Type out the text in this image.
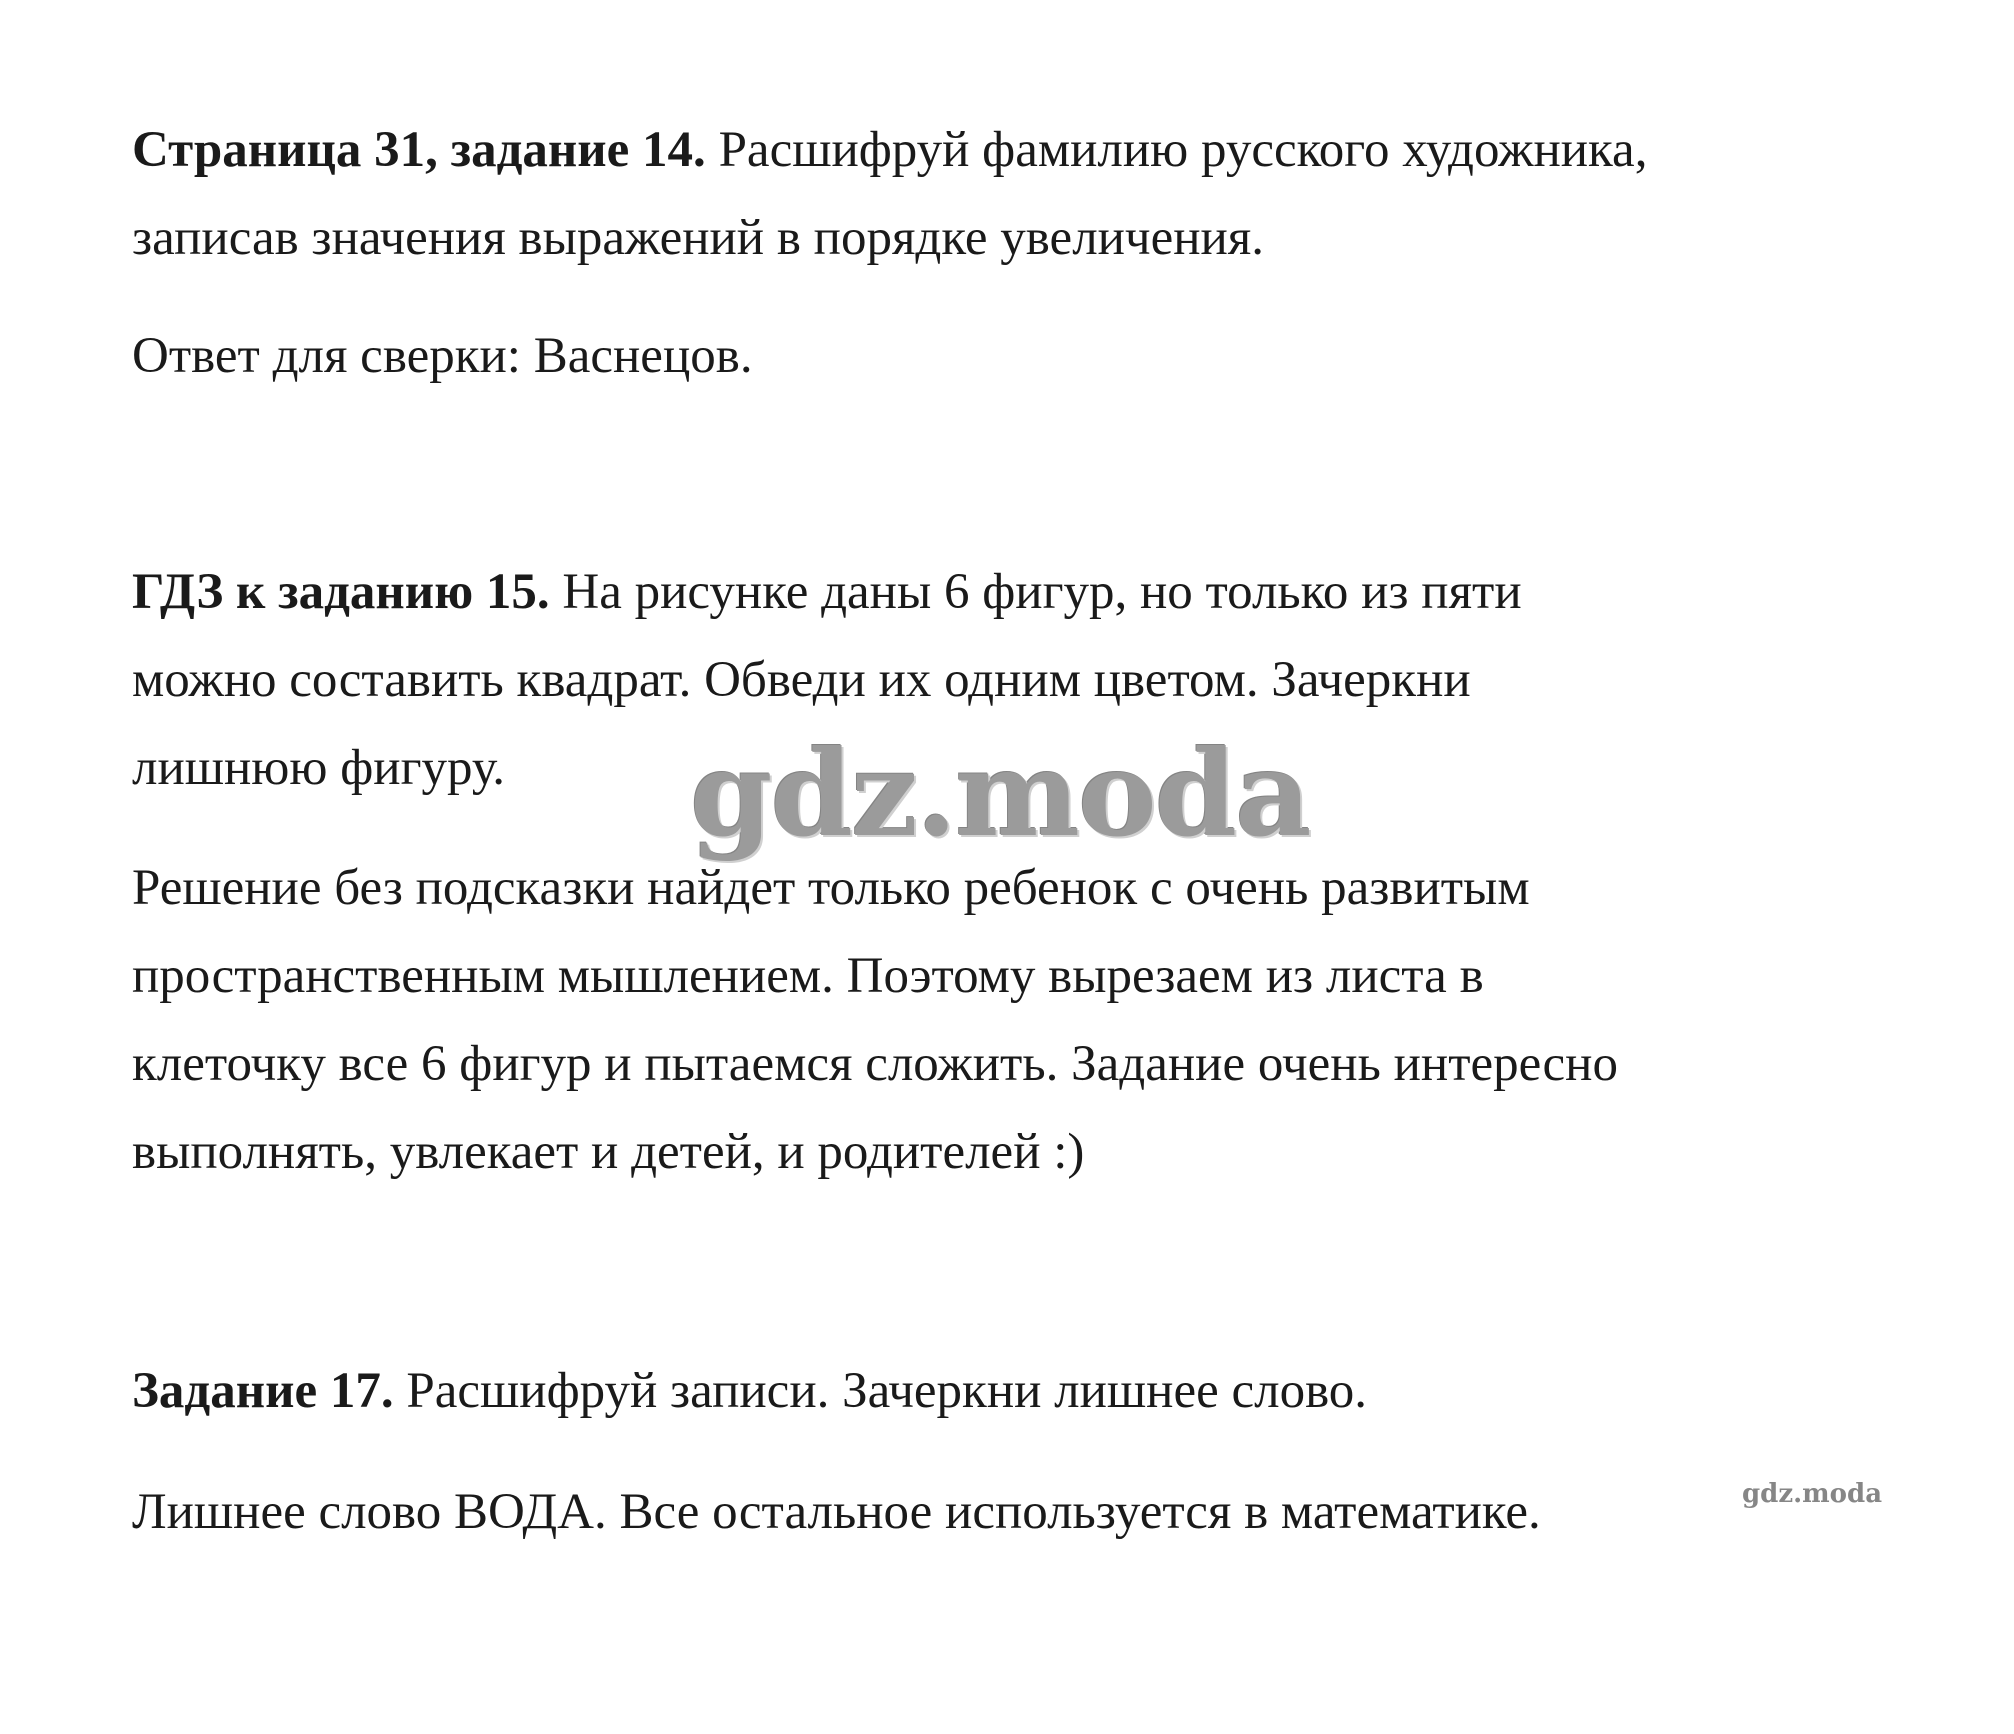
Страница 31, задание 14. Расшифруй фамилию русского художника,
записав значения выражений в порядке увеличения.

Ответ для сверки: Васнецов.

ГДЗ к заданию 15. На рисунке даны 6 фигур, но только из пяти
можно составить квадрат. Обведи их одним цветом. Зачеркни
лишнюю фигуру.

Решение без подсказки найдет только ребенок с очень развитым
пространственным мышлением. Поэтому вырезаем из листа в
клеточку все 6 фигур и пытаемся сложить. Задание очень интересно
выполнять, увлекает и детей, и родителей :)

Задание 17. Расшифруй записи. Зачеркни лишнее слово.

Лишнее слово ВОДА. Все остальное используется в математике.

gdz.moda
gdz.moda
